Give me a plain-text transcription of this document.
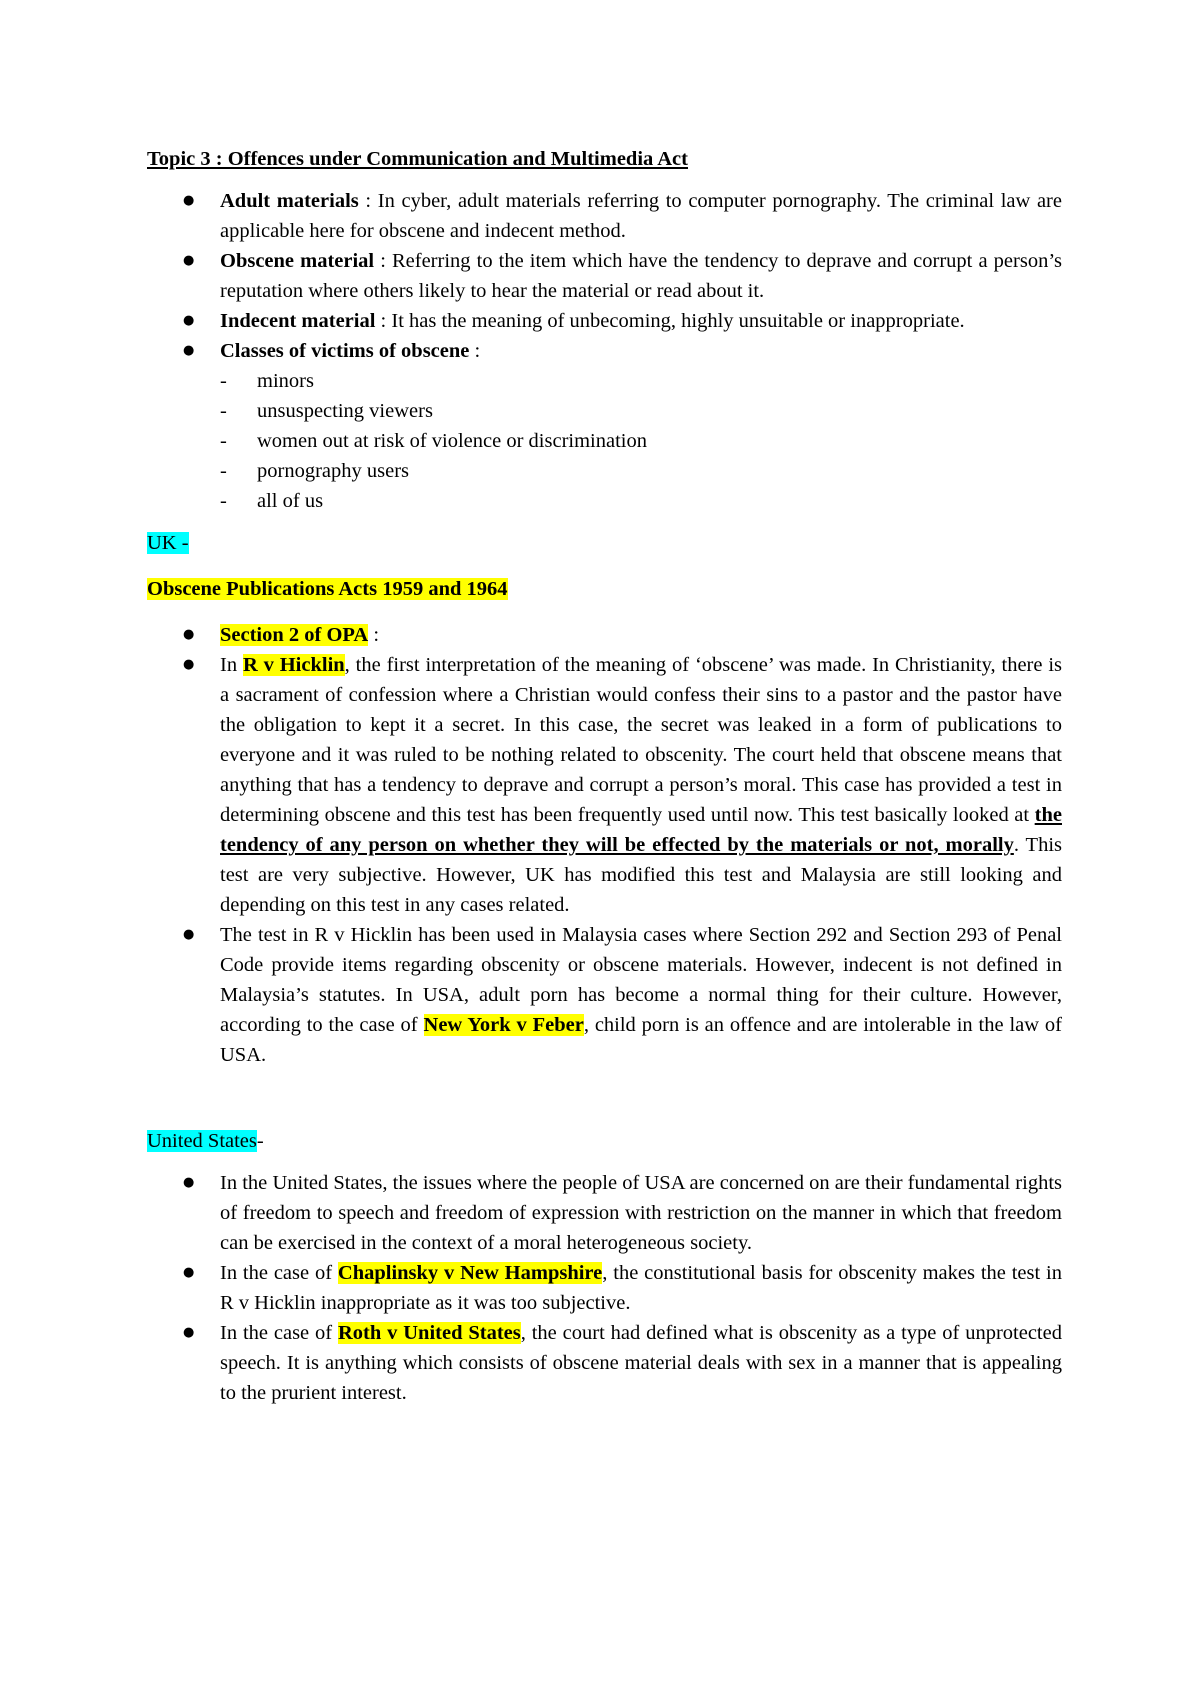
Topic 3 : Offences under Communication and Multimedia Act

● Adult materials : In cyber, adult materials referring to computer pornography. The criminal law are applicable here for obscene and indecent method.
● Obscene material : Referring to the item which have the tendency to deprave and corrupt a person’s reputation where others likely to hear the material or read about it.
● Indecent material : It has the meaning of unbecoming, highly unsuitable or inappropriate.
● Classes of victims of obscene :
- minors
- unsuspecting viewers
- women out at risk of violence or discrimination
- pornography users
- all of us

UK -

Obscene Publications Acts 1959 and 1964

● Section 2 of OPA :
● In R v Hicklin, the first interpretation of the meaning of ‘obscene’ was made. In Christianity, there is a sacrament of confession where a Christian would confess their sins to a pastor and the pastor have the obligation to kept it a secret. In this case, the secret was leaked in a form of publications to everyone and it was ruled to be nothing related to obscenity. The court held that obscene means that anything that has a tendency to deprave and corrupt a person’s moral. This case has provided a test in determining obscene and this test has been frequently used until now. This test basically looked at the tendency of any person on whether they will be effected by the materials or not, morally. This test are very subjective. However, UK has modified this test and Malaysia are still looking and depending on this test in any cases related.
● The test in R v Hicklin has been used in Malaysia cases where Section 292 and Section 293 of Penal Code provide items regarding obscenity or obscene materials. However, indecent is not defined in Malaysia’s statutes. In USA, adult porn has become a normal thing for their culture. However, according to the case of New York v Feber, child porn is an offence and are intolerable in the law of USA.

United States-

● In the United States, the issues where the people of USA are concerned on are their fundamental rights of freedom to speech and freedom of expression with restriction on the manner in which that freedom can be exercised in the context of a moral heterogeneous society.
● In the case of Chaplinsky v New Hampshire, the constitutional basis for obscenity makes the test in R v Hicklin inappropriate as it was too subjective.
● In the case of Roth v United States, the court had defined what is obscenity as a type of unprotected speech. It is anything which consists of obscene material deals with sex in a manner that is appealing to the prurient interest.
